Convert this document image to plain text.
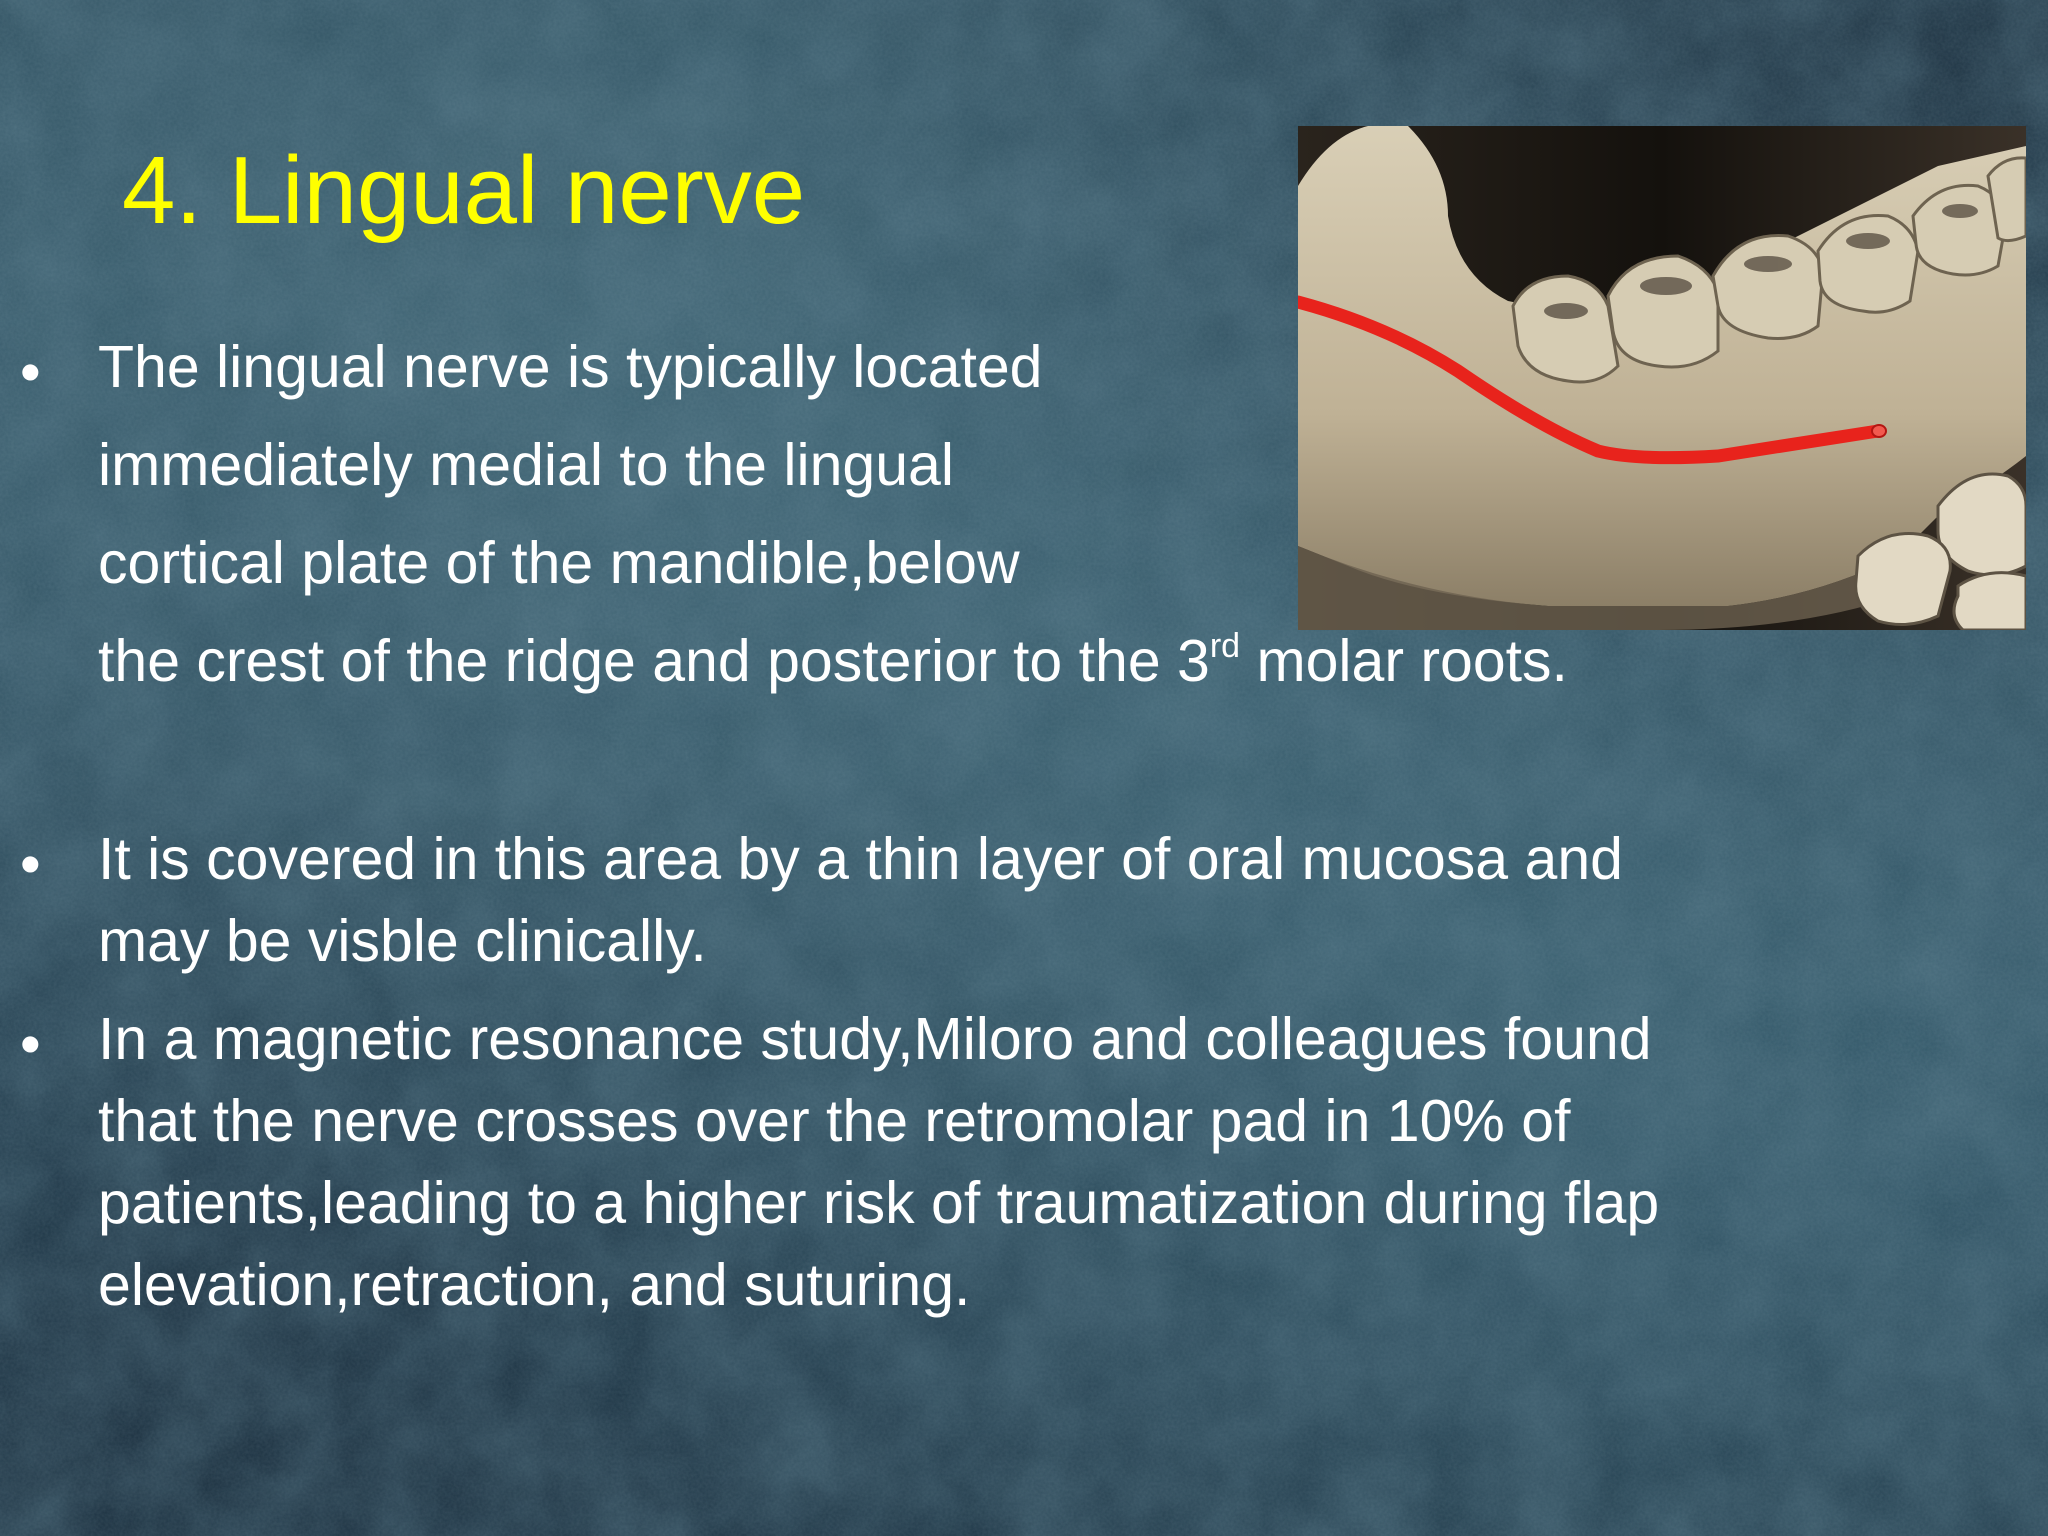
4. Lingual nerve
• The lingual nerve is typically located
immediately medial to the lingual
cortical plate of the mandible,below
the crest of the ridge and posterior to the 3rd molar roots.
• It is covered in this area by a thin layer of oral mucosa and
may be visble clinically.
• In a magnetic resonance study,Miloro and colleagues found
that the nerve crosses over the retromolar pad in 10% of
patients,leading to a higher risk of traumatization during flap
elevation,retraction, and suturing.
